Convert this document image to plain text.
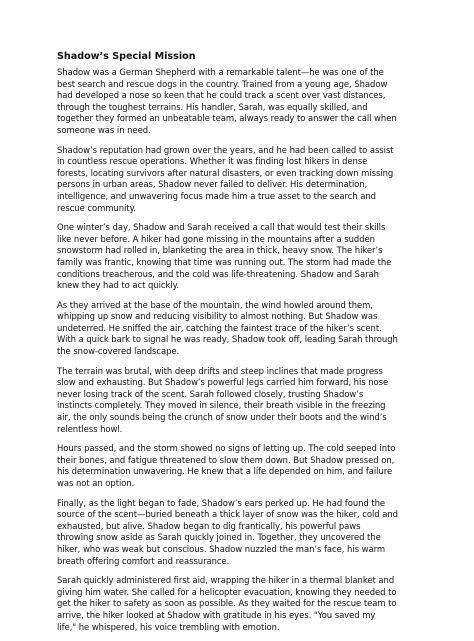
Shadow’s Special Mission
Shadow was a German Shepherd with a remarkable talent—he was one of the
best search and rescue dogs in the country. Trained from a young age, Shadow
had developed a nose so keen that he could track a scent over vast distances,
through the toughest terrains. His handler, Sarah, was equally skilled, and
together they formed an unbeatable team, always ready to answer the call when
someone was in need.
Shadow’s reputation had grown over the years, and he had been called to assist
in countless rescue operations. Whether it was finding lost hikers in dense
forests, locating survivors after natural disasters, or even tracking down missing
persons in urban areas, Shadow never failed to deliver. His determination,
intelligence, and unwavering focus made him a true asset to the search and
rescue community.
One winter’s day, Shadow and Sarah received a call that would test their skills
like never before. A hiker had gone missing in the mountains after a sudden
snowstorm had rolled in, blanketing the area in thick, heavy snow. The hiker’s
family was frantic, knowing that time was running out. The storm had made the
conditions treacherous, and the cold was life-threatening. Shadow and Sarah
knew they had to act quickly.
As they arrived at the base of the mountain, the wind howled around them,
whipping up snow and reducing visibility to almost nothing. But Shadow was
undeterred. He sniffed the air, catching the faintest trace of the hiker’s scent.
With a quick bark to signal he was ready, Shadow took off, leading Sarah through
the snow-covered landscape.
The terrain was brutal, with deep drifts and steep inclines that made progress
slow and exhausting. But Shadow’s powerful legs carried him forward, his nose
never losing track of the scent. Sarah followed closely, trusting Shadow’s
instincts completely. They moved in silence, their breath visible in the freezing
air, the only sounds being the crunch of snow under their boots and the wind’s
relentless howl.
Hours passed, and the storm showed no signs of letting up. The cold seeped into
their bones, and fatigue threatened to slow them down. But Shadow pressed on,
his determination unwavering. He knew that a life depended on him, and failure
was not an option.
Finally, as the light began to fade, Shadow’s ears perked up. He had found the
source of the scent—buried beneath a thick layer of snow was the hiker, cold and
exhausted, but alive. Shadow began to dig frantically, his powerful paws
throwing snow aside as Sarah quickly joined in. Together, they uncovered the
hiker, who was weak but conscious. Shadow nuzzled the man’s face, his warm
breath offering comfort and reassurance.
Sarah quickly administered first aid, wrapping the hiker in a thermal blanket and
giving him water. She called for a helicopter evacuation, knowing they needed to
get the hiker to safety as soon as possible. As they waited for the rescue team to
arrive, the hiker looked at Shadow with gratitude in his eyes. "You saved my
life," he whispered, his voice trembling with emotion.
